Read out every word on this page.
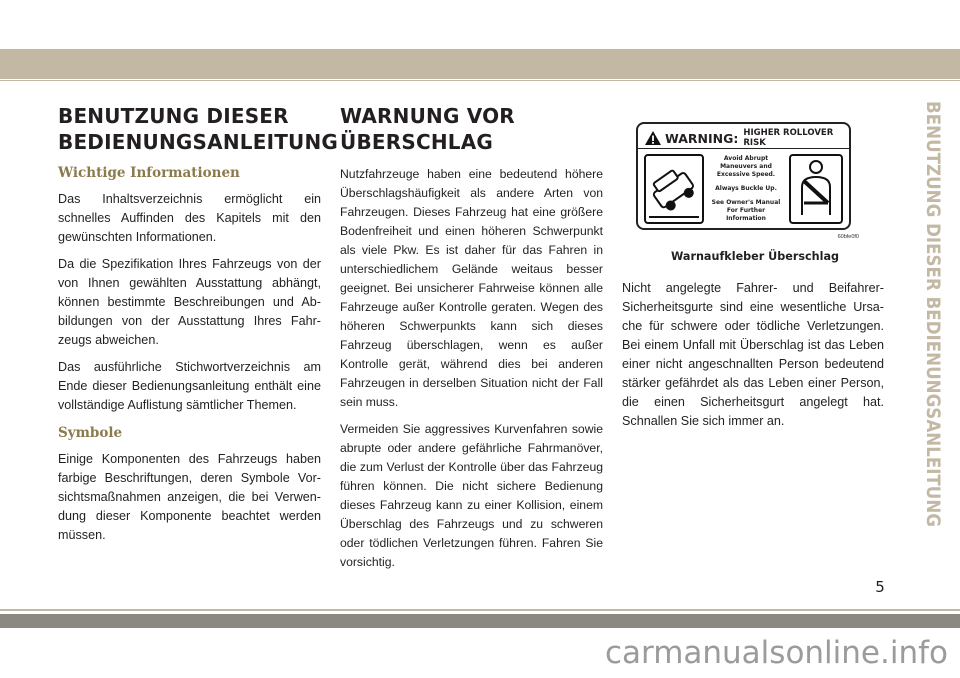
BENUTZUNG DIESER
BEDIENUNGSANLEITUNG
Wichtige Informationen

Das Inhaltsverzeichnis ermöglicht ein schnelles Auffinden des Kapitels mit den gewünschten Informationen.

Da die Spezifikation Ihres Fahrzeugs von der von Ihnen gewählten Ausstattung abhängt, können bestimmte Beschreibungen und Abbildungen von der Ausstattung Ihres Fahrzeugs abweichen.

Das ausführliche Stichwortverzeichnis am Ende dieser Bedienungsanleitung enthält eine vollständige Auflistung sämtlicher Themen.

Symbole

Einige Komponenten des Fahrzeugs haben farbige Beschriftungen, deren Symbole Vorsichtsmaßnahmen anzeigen, die bei Verwendung dieser Komponente beachtet werden müssen.

WARNUNG VOR
ÜBERSCHLAG

Nutzfahrzeuge haben eine bedeutend höhere Überschlagshäufigkeit als andere Arten von Fahrzeugen. Dieses Fahrzeug hat eine größere Bodenfreiheit und einen höheren Schwerpunkt als viele Pkw. Es ist daher für das Fahren in unterschiedlichem Gelände weitaus besser geeignet. Bei unsicherer Fahrweise können alle Fahrzeuge außer Kontrolle geraten. Wegen des höheren Schwerpunkts kann sich dieses Fahrzeug überschlagen, wenn es außer Kontrolle gerät, während dies bei anderen Fahrzeugen in derselben Situation nicht der Fall sein muss.

Vermeiden Sie aggressives Kurvenfahren sowie abrupte oder andere gefährliche Fahrmanöver, die zum Verlust der Kontrolle über das Fahrzeug führen können. Die nicht sichere Bedienung dieses Fahrzeug kann zu einer Kollision, einem Überschlag des Fahrzeugs und zu schweren oder tödlichen Verletzungen führen. Fahren Sie vorsichtig.

WARNING: HIGHER ROLLOVER RISK
Avoid Abrupt Maneuvers and Excessive Speed.
Always Buckle Up.
See Owner's Manual For Further Information
60bfe0f0
Warnaufkleber Überschlag

Nicht angelegte Fahrer- und Beifahrer-Sicherheitsgurte sind eine wesentliche Ursache für schwere oder tödliche Verletzungen. Bei einem Unfall mit Überschlag ist das Leben einer nicht angeschnallten Person bedeutend stärker gefährdet als das Leben einer Person, die einen Sicherheitsgurt angelegt hat. Schnallen Sie sich immer an.	BENUTZUNG DIESER BEDIENUNGSANLEITUNG
5
carmanualsonline.info
